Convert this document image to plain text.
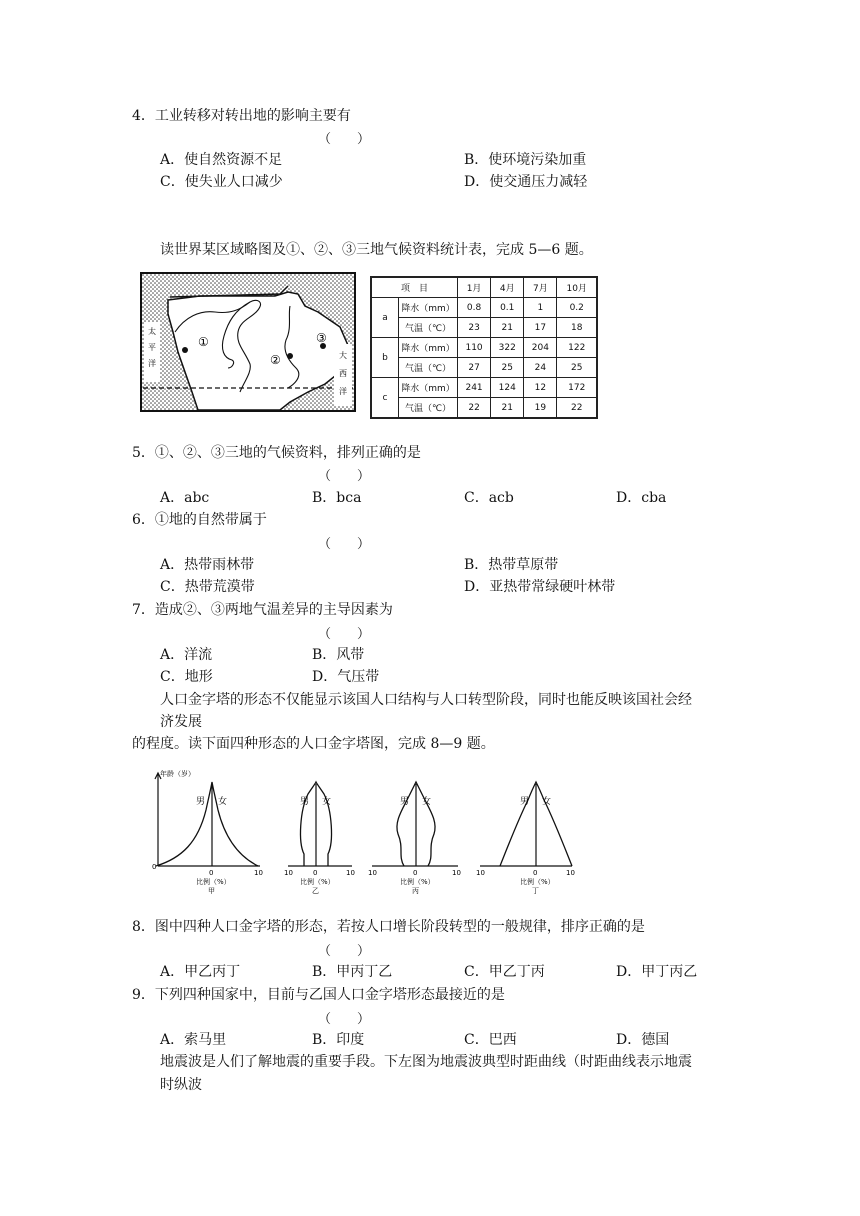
4．工业转移对转出地的影响主要有
（　　）
A．使自然资源不足	B．使环境污染加重
C．使失业人口减少	D．使交通压力减轻
读世界某区域略图及①、②、③三地气候资料统计表，完成 5—6 题。
太
平
洋
大
西
洋
①
②
③
项　目		1月	4月	7月	10月
a	降水（mm）	0.8	0.1	1	0.2
	气温（℃）	23	21	17	18
b	降水（mm）	110	322	204	122
	气温（℃）	27	25	24	25
c	降水（mm）	241	124	12	172
	气温（℃）	22	21	19	22
5．①、②、③三地的气候资料，排列正确的是
（　　）
A．abc	B．bca	C．acb	D．cba
6．①地的自然带属于
（　　）
A．热带雨林带	B．热带草原带
C．热带荒漠带	D．亚热带常绿硬叶林带
7．造成②、③两地气温差异的主导因素为
（　　）
A．洋流	B．风带
C．地形	D．气压带
人口金字塔的形态不仅能显示该国人口结构与人口转型阶段，同时也能反映该国社会经
济发展
的程度。读下面四种形态的人口金字塔图，完成 8—9 题。
年龄（岁）
0
男 女
0	10
比例（%）
甲
男 女
0
10	10
比例（%）
乙
男 女
0
10	10
比例（%）
丙
男 女
0
10	10
比例（%）
丁
8．图中四种人口金字塔的形态，若按人口增长阶段转型的一般规律，排序正确的是
（　　）
A．甲乙丙丁	B．甲丙丁乙	C．甲乙丁丙	D．甲丁丙乙
9．下列四种国家中，目前与乙国人口金字塔形态最接近的是
（　　）
A．索马里	B．印度	C．巴西	D．德国
地震波是人们了解地震的重要手段。下左图为地震波典型时距曲线（时距曲线表示地震
时纵波
